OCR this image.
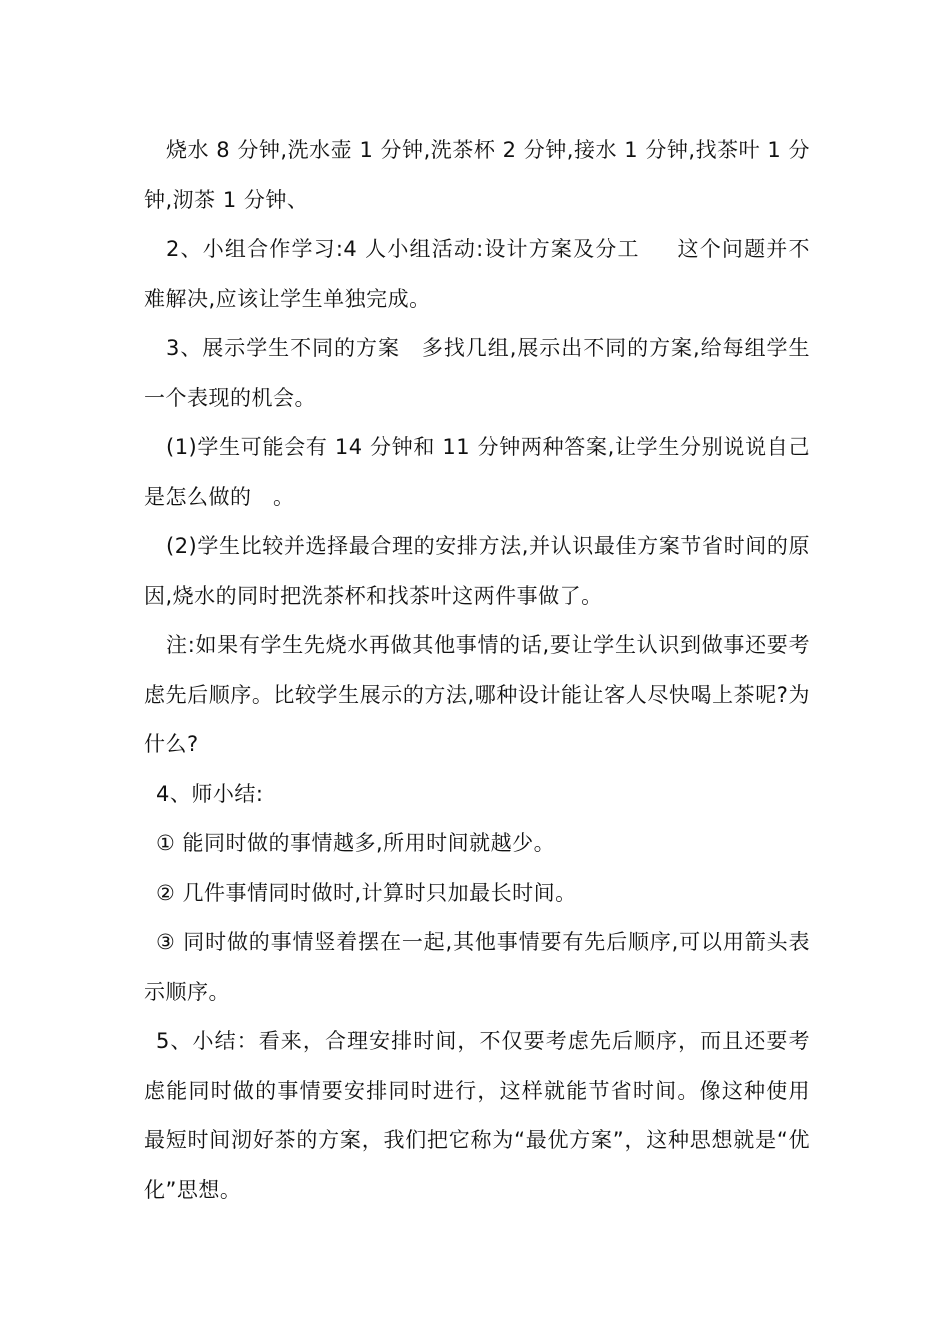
烧水 8 分钟,洗水壶 1 分钟,洗茶杯 2 分钟,接水 1 分钟,找茶叶 1 分钟,沏茶 1 分钟、

2、小组合作学习:4 人小组活动:设计方案及分工　  这个问题并不难解决,应该让学生单独完成。

3、展示学生不同的方案　多找几组,展示出不同的方案,给每组学生一个表现的机会。

(1)学生可能会有 14 分钟和 11 分钟两种答案,让学生分别说说自己是怎么做的　。

(2)学生比较并选择最合理的安排方法,并认识最佳方案节省时间的原因,烧水的同时把洗茶杯和找茶叶这两件事做了。

注:如果有学生先烧水再做其他事情的话,要让学生认识到做事还要考虑先后顺序。比较学生展示的方法,哪种设计能让客人尽快喝上茶呢?为什么?

4、师小结:

① 能同时做的事情越多,所用时间就越少。

② 几件事情同时做时,计算时只加最长时间。

③ 同时做的事情竖着摆在一起,其他事情要有先后顺序,可以用箭头表示顺序。

5、小结：看来，合理安排时间，不仅要考虑先后顺序，而且还要考虑能同时做的事情要安排同时进行，这样就能节省时间。像这种使用最短时间沏好茶的方案，我们把它称为“最优方案”，这种思想就是“优化”思想。
